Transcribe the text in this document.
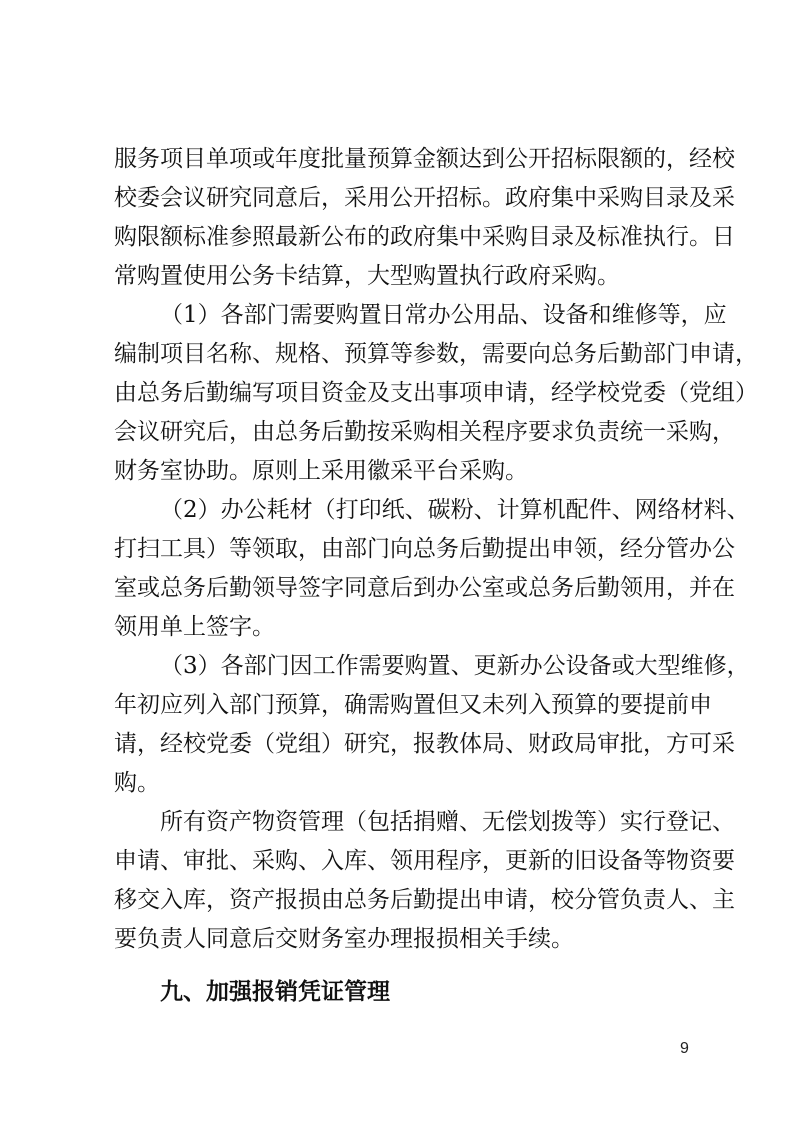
服务项目单项或年度批量预算金额达到公开招标限额的，经校
校委会议研究同意后，采用公开招标。政府集中采购目录及采
购限额标准参照最新公布的政府集中采购目录及标准执行。日
常购置使用公务卡结算，大型购置执行政府采购。
（1）各部门需要购置日常办公用品、设备和维修等，应
编制项目名称、规格、预算等参数，需要向总务后勤部门申请，
由总务后勤编写项目资金及支出事项申请，经学校党委（党组）
会议研究后，由总务后勤按采购相关程序要求负责统一采购，
财务室协助。原则上采用徽采平台采购。
（2）办公耗材（打印纸、碳粉、计算机配件、网络材料、
打扫工具）等领取，由部门向总务后勤提出申领，经分管办公
室或总务后勤领导签字同意后到办公室或总务后勤领用，并在
领用单上签字。
（3）各部门因工作需要购置、更新办公设备或大型维修，
年初应列入部门预算，确需购置但又未列入预算的要提前申
请，经校党委（党组）研究，报教体局、财政局审批，方可采
购。
所有资产物资管理（包括捐赠、无偿划拨等）实行登记、
申请、审批、采购、入库、领用程序，更新的旧设备等物资要
移交入库，资产报损由总务后勤提出申请，校分管负责人、主
要负责人同意后交财务室办理报损相关手续。
九、加强报销凭证管理
9
